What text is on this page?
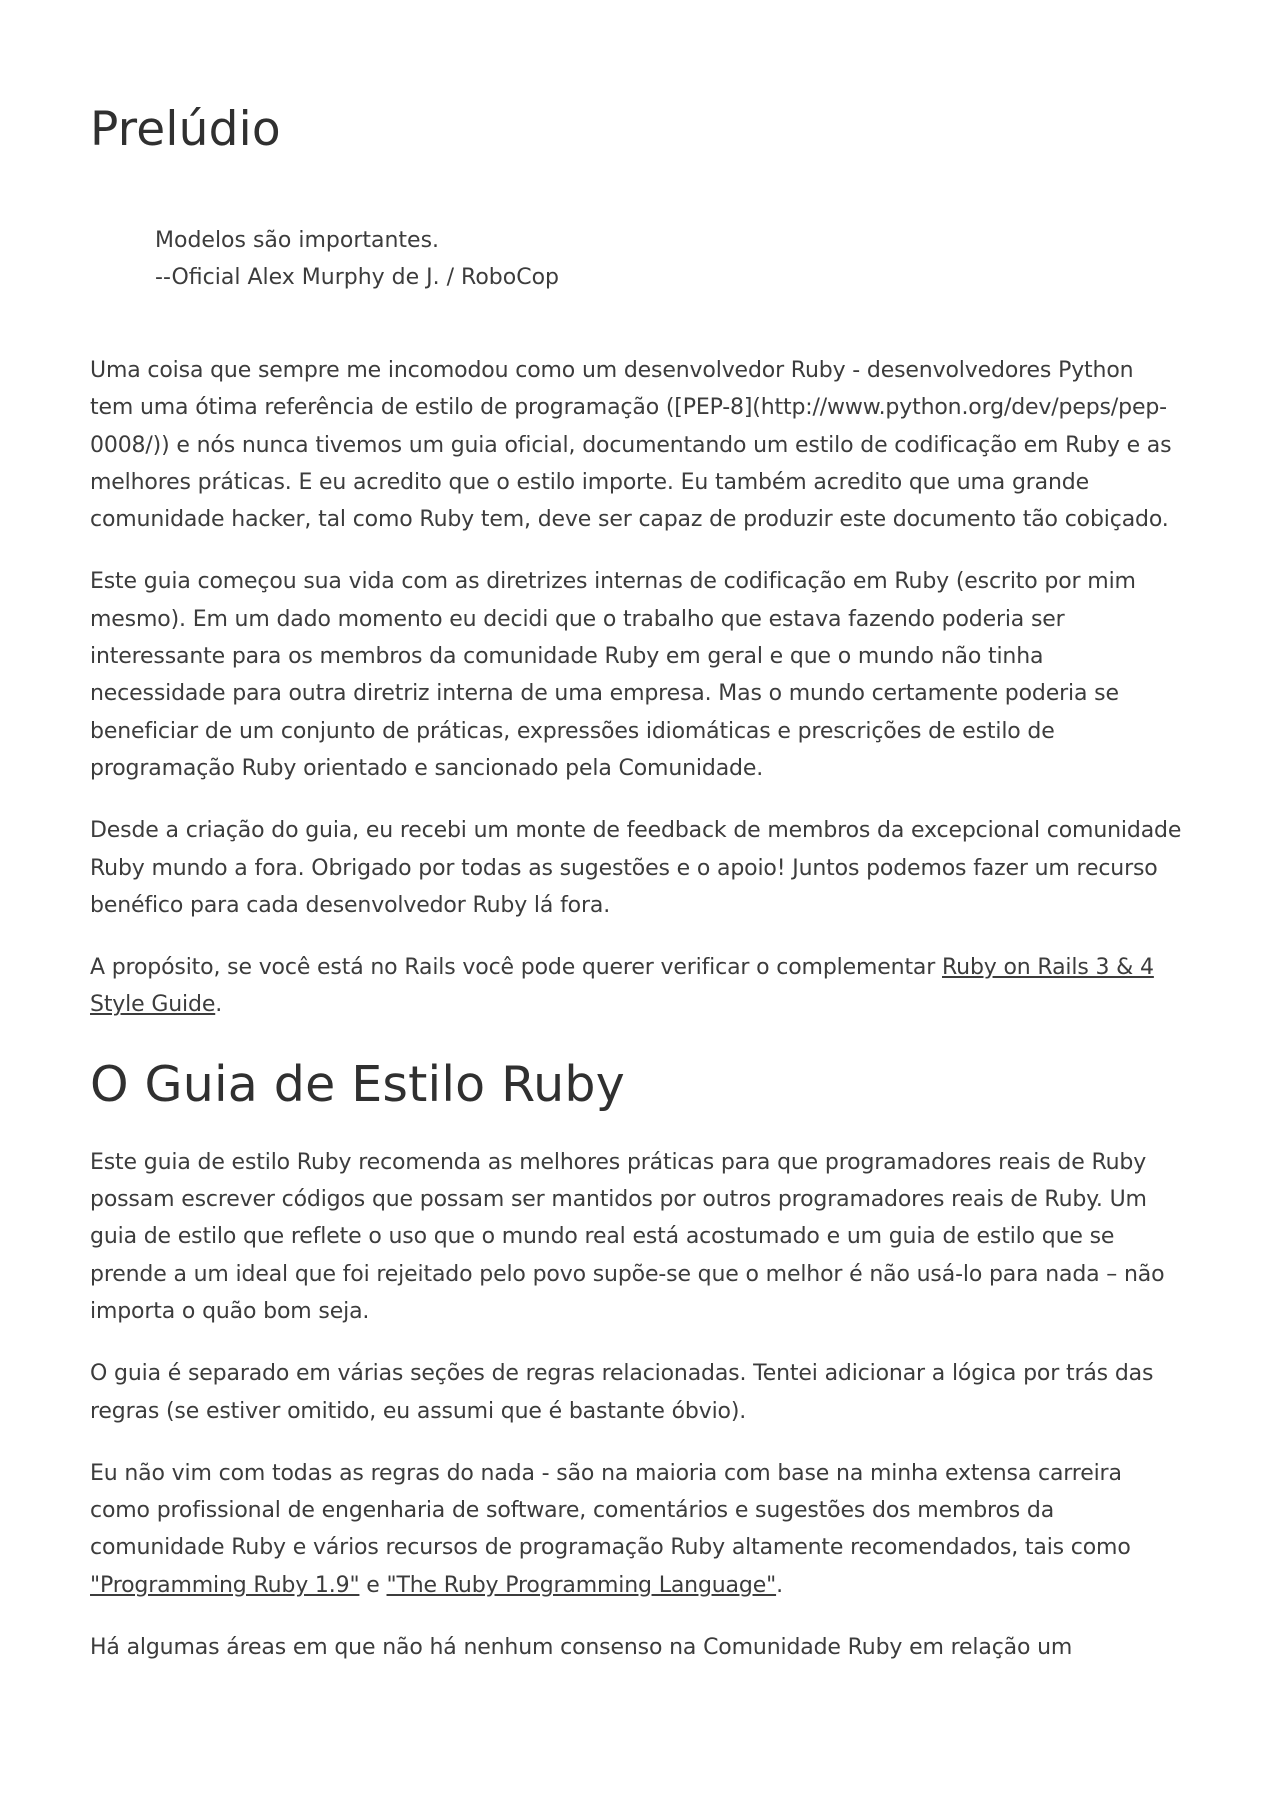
Prelúdio
Modelos são importantes.
--Oficial Alex Murphy de J. / RoboCop

Uma coisa que sempre me incomodou como um desenvolvedor Ruby - desenvolvedores Python tem uma ótima referência de estilo de programação ([PEP-8](http://www.python.org/dev/peps/pep-0008/)) e nós nunca tivemos um guia oficial, documentando um estilo de codificação em Ruby e as melhores práticas. E eu acredito que o estilo importe. Eu também acredito que uma grande comunidade hacker, tal como Ruby tem, deve ser capaz de produzir este documento tão cobiçado.

Este guia começou sua vida com as diretrizes internas de codificação em Ruby (escrito por mim mesmo). Em um dado momento eu decidi que o trabalho que estava fazendo poderia ser interessante para os membros da comunidade Ruby em geral e que o mundo não tinha necessidade para outra diretriz interna de uma empresa. Mas o mundo certamente poderia se beneficiar de um conjunto de práticas, expressões idiomáticas e prescrições de estilo de programação Ruby orientado e sancionado pela Comunidade.

Desde a criação do guia, eu recebi um monte de feedback de membros da excepcional comunidade Ruby mundo a fora. Obrigado por todas as sugestões e o apoio! Juntos podemos fazer um recurso benéfico para cada desenvolvedor Ruby lá fora.

A propósito, se você está no Rails você pode querer verificar o complementar Ruby on Rails 3 & 4 Style Guide.

O Guia de Estilo Ruby

Este guia de estilo Ruby recomenda as melhores práticas para que programadores reais de Ruby possam escrever códigos que possam ser mantidos por outros programadores reais de Ruby. Um guia de estilo que reflete o uso que o mundo real está acostumado e um guia de estilo que se prende a um ideal que foi rejeitado pelo povo supõe-se que o melhor é não usá-lo para nada – não importa o quão bom seja.

O guia é separado em várias seções de regras relacionadas. Tentei adicionar a lógica por trás das regras (se estiver omitido, eu assumi que é bastante óbvio).

Eu não vim com todas as regras do nada - são na maioria com base na minha extensa carreira como profissional de engenharia de software, comentários e sugestões dos membros da comunidade Ruby e vários recursos de programação Ruby altamente recomendados, tais como "Programming Ruby 1.9" e "The Ruby Programming Language".

Há algumas áreas em que não há nenhum consenso na Comunidade Ruby em relação um
